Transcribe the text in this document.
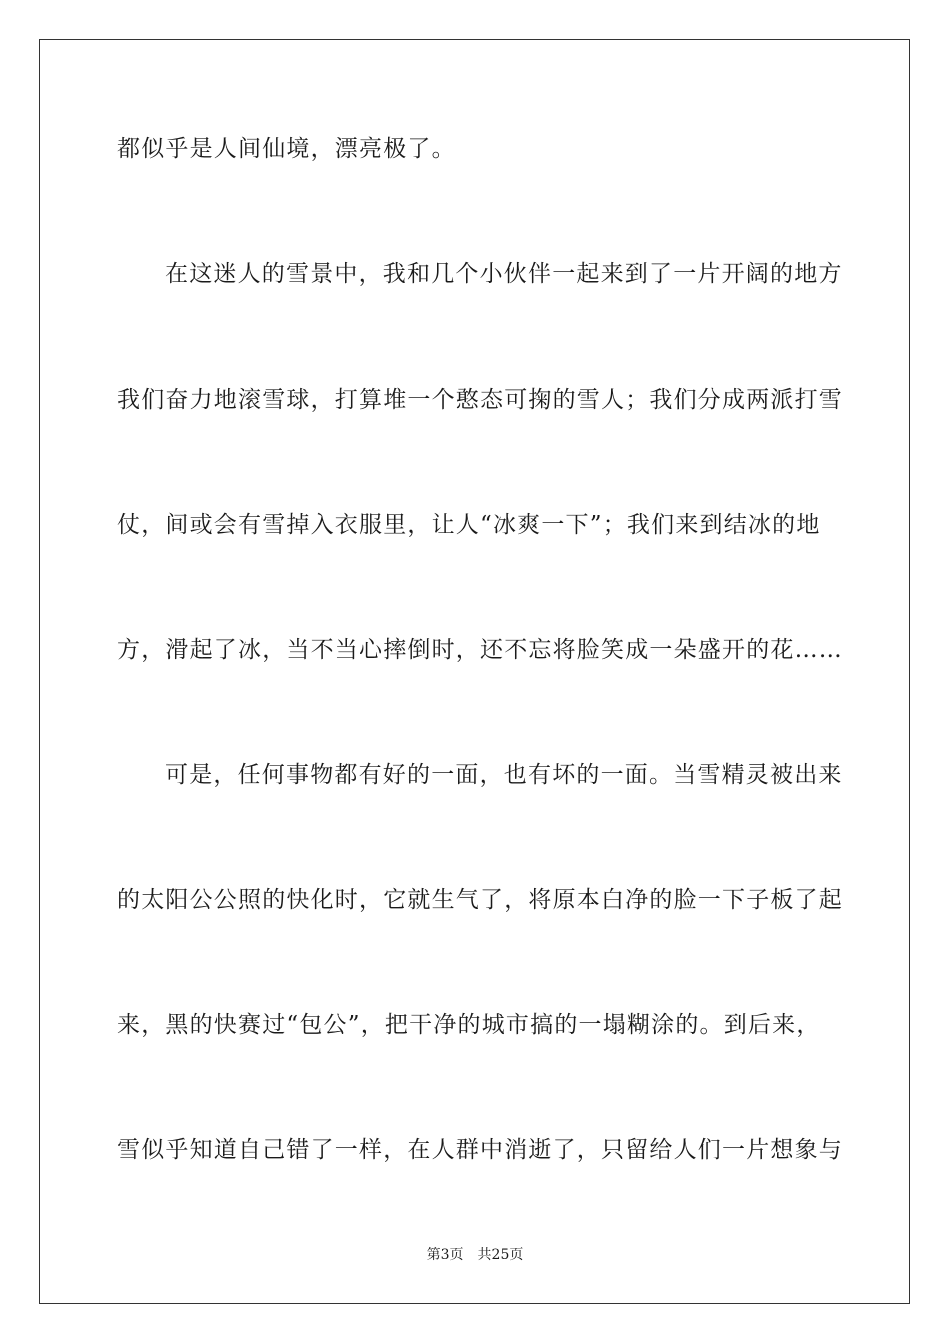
都似乎是人间仙境，漂亮极了。
在这迷人的雪景中，我和几个小伙伴一起来到了一片开阔的地方
我们奋力地滚雪球，打算堆一个憨态可掬的雪人；我们分成两派打雪
仗，间或会有雪掉入衣服里，让人“冰爽一下”；我们来到结冰的地
方，滑起了冰，当不当心摔倒时，还不忘将脸笑成一朵盛开的花……
可是，任何事物都有好的一面，也有坏的一面。当雪精灵被出来
的太阳公公照的快化时，它就生气了，将原本白净的脸一下子板了起
来，黑的快赛过“包公”，把干净的城市搞的一塌糊涂的。到后来，
雪似乎知道自己错了一样，在人群中消逝了，只留给人们一片想象与
第3页 共25页
